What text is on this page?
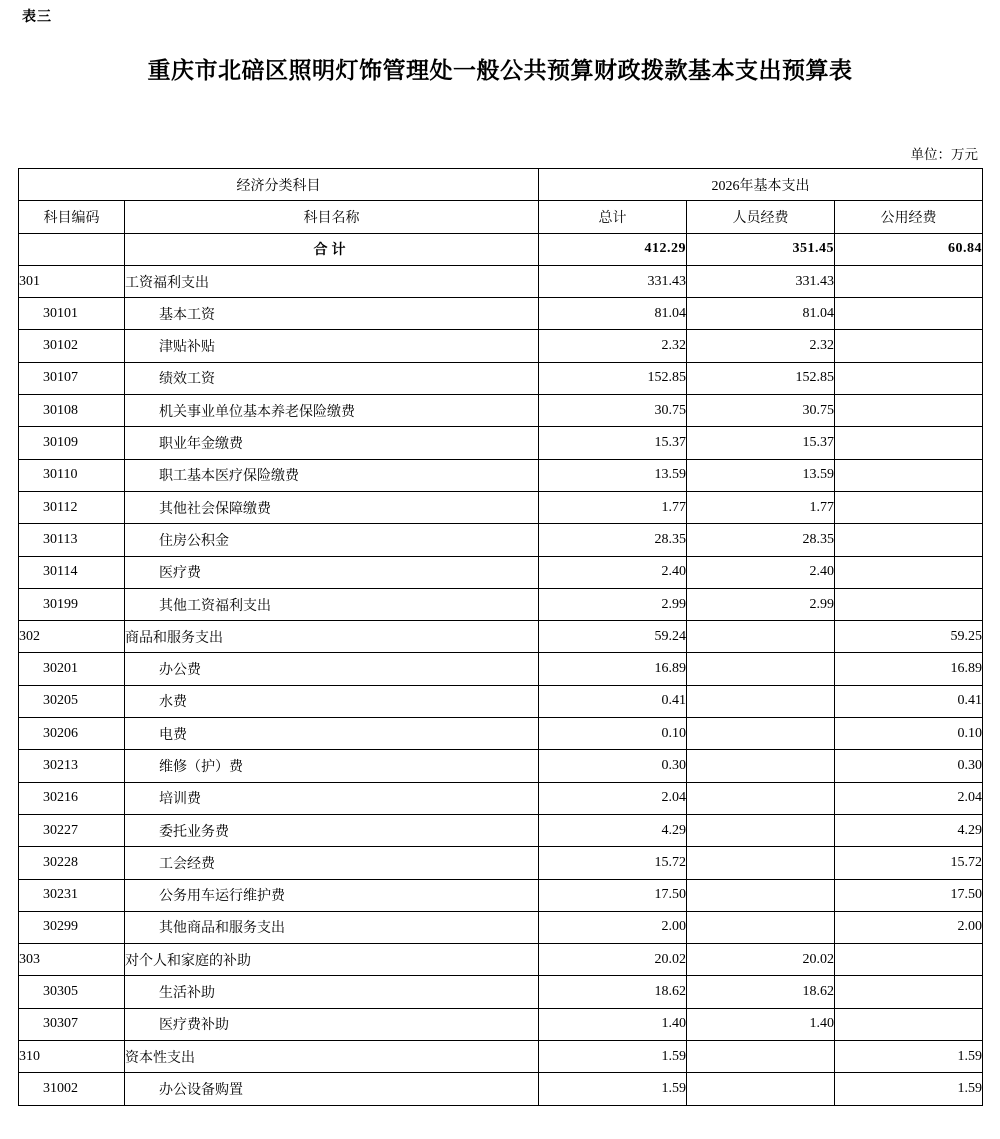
表三
重庆市北碚区照明灯饰管理处一般公共预算财政拨款基本支出预算表
单位：万元
经济分类科目		2026年基本支出		
科目编码	科目名称	总计	人员经费	公用经费
	合计	412.29	351.45	60.84
301	工资福利支出	331.43	331.43	
30101	基本工资	81.04	81.04	
30102	津贴补贴	2.32	2.32	
30107	绩效工资	152.85	152.85	
30108	机关事业单位基本养老保险缴费	30.75	30.75	
30109	职业年金缴费	15.37	15.37	
30110	职工基本医疗保险缴费	13.59	13.59	
30112	其他社会保障缴费	1.77	1.77	
30113	住房公积金	28.35	28.35	
30114	医疗费	2.40	2.40	
30199	其他工资福利支出	2.99	2.99	
302	商品和服务支出	59.24		59.25
30201	办公费	16.89		16.89
30205	水费	0.41		0.41
30206	电费	0.10		0.10
30213	维修（护）费	0.30		0.30
30216	培训费	2.04		2.04
30227	委托业务费	4.29		4.29
30228	工会经费	15.72		15.72
30231	公务用车运行维护费	17.50		17.50
30299	其他商品和服务支出	2.00		2.00
303	对个人和家庭的补助	20.02	20.02	
30305	生活补助	18.62	18.62	
30307	医疗费补助	1.40	1.40	
310	资本性支出	1.59		1.59
31002	办公设备购置	1.59		1.59
